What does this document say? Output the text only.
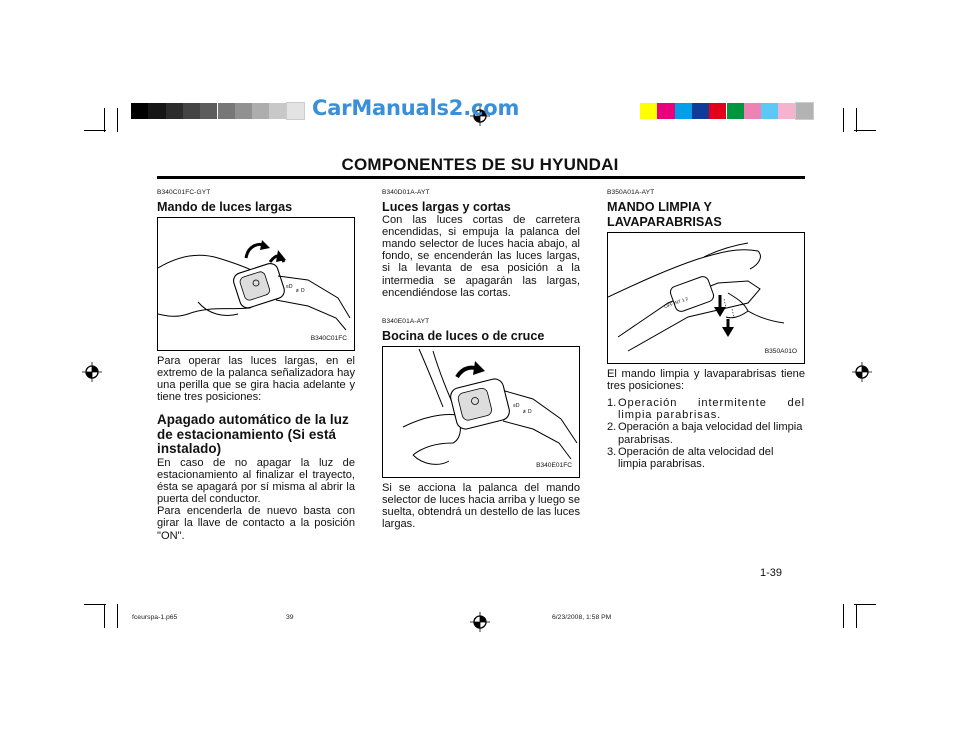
CarManuals2.com
COMPONENTES DE SU HYUNDAI
B340C01FC-GYT
Mando de luces largas
≡D
≢D
B340C01FC
Para operar las luces largas, en el extremo de la palanca señalizadora hay una perilla que se gira hacia adelante y tiene tres posiciones:
Apagado automático de la luz de estacionamiento (Si está instalado)
En caso de no apagar la luz de estacionamiento al finalizar el trayecto, ésta se apagará por sí misma al abrir la puerta del conductor.
Para encenderla de nuevo basta con girar la llave de contacto a la posición "ON".
B340D01A-AYT
Luces largas y cortas
Con las luces cortas de carretera encendidas, si empuja la palanca del mando selector de luces hacia abajo, al fondo, se encenderán las luces largas, si la levanta de esa posición a la intermedia se apagarán las largas, encendiéndose las cortas.
B340E01A-AYT
Bocina de luces o de cruce
≡D
≢D
B340E01FC
Si se acciona la palanca del mando selector de luces hacia arriba y luego se suelta, obtendrá un destello de las luces largas.
B350A01A-AYT
MANDO LIMPIA Y LAVAPARABRISAS
OFF INT 1 2
B350A01O
El mando limpia y lavaparabrisas tiene tres posiciones:
1. Operación intermitente del limpia parabrisas.
2. Operación a baja velocidad del limpia parabrisas.
3. Operación de alta velocidad del limpia parabrisas.
1-39
fceurspa-1.p65	39	6/23/2008, 1:58 PM
